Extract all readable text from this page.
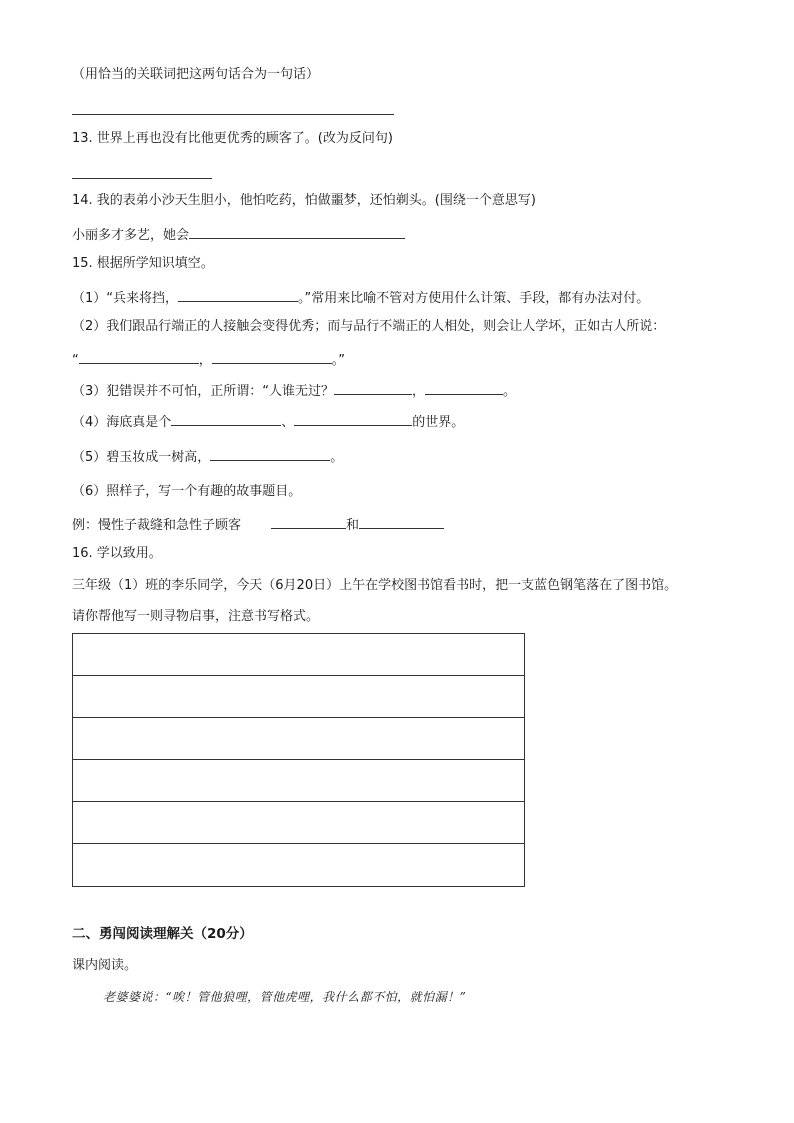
（用恰当的关联词把这两句话合为一句话）
13. 世界上再也没有比他更优秀的顾客了。(改为反问句)
14. 我的表弟小沙天生胆小，他怕吃药，怕做噩梦，还怕剃头。(围绕一个意思写)
小丽多才多艺，她会
15. 根据所学知识填空。
（1）“兵来将挡，	。”常用来比喻不管对方使用什么计策、手段，都有办法对付。
（2）我们跟品行端正的人接触会变得优秀；而与品行不端正的人相处，则会让人学坏，正如古人所说：
“	，	。”
（3）犯错误并不可怕，正所谓：“人谁无过？	，	。
（4）海底真是个	、	的世界。
（5）碧玉妆成一树高，	。
（6）照样子，写一个有趣的故事题目。
例：慢性子裁缝和急性子顾客	和
16. 学以致用。
三年级（1）班的李乐同学，今天（6月20日）上午在学校图书馆看书时，把一支蓝色钢笔落在了图书馆。
请你帮他写一则寻物启事，注意书写格式。
二、勇闯阅读理解关（20分）
课内阅读。
老婆婆说：“唉！管他狼哩，管他虎哩，我什么都不怕，就怕漏！”
